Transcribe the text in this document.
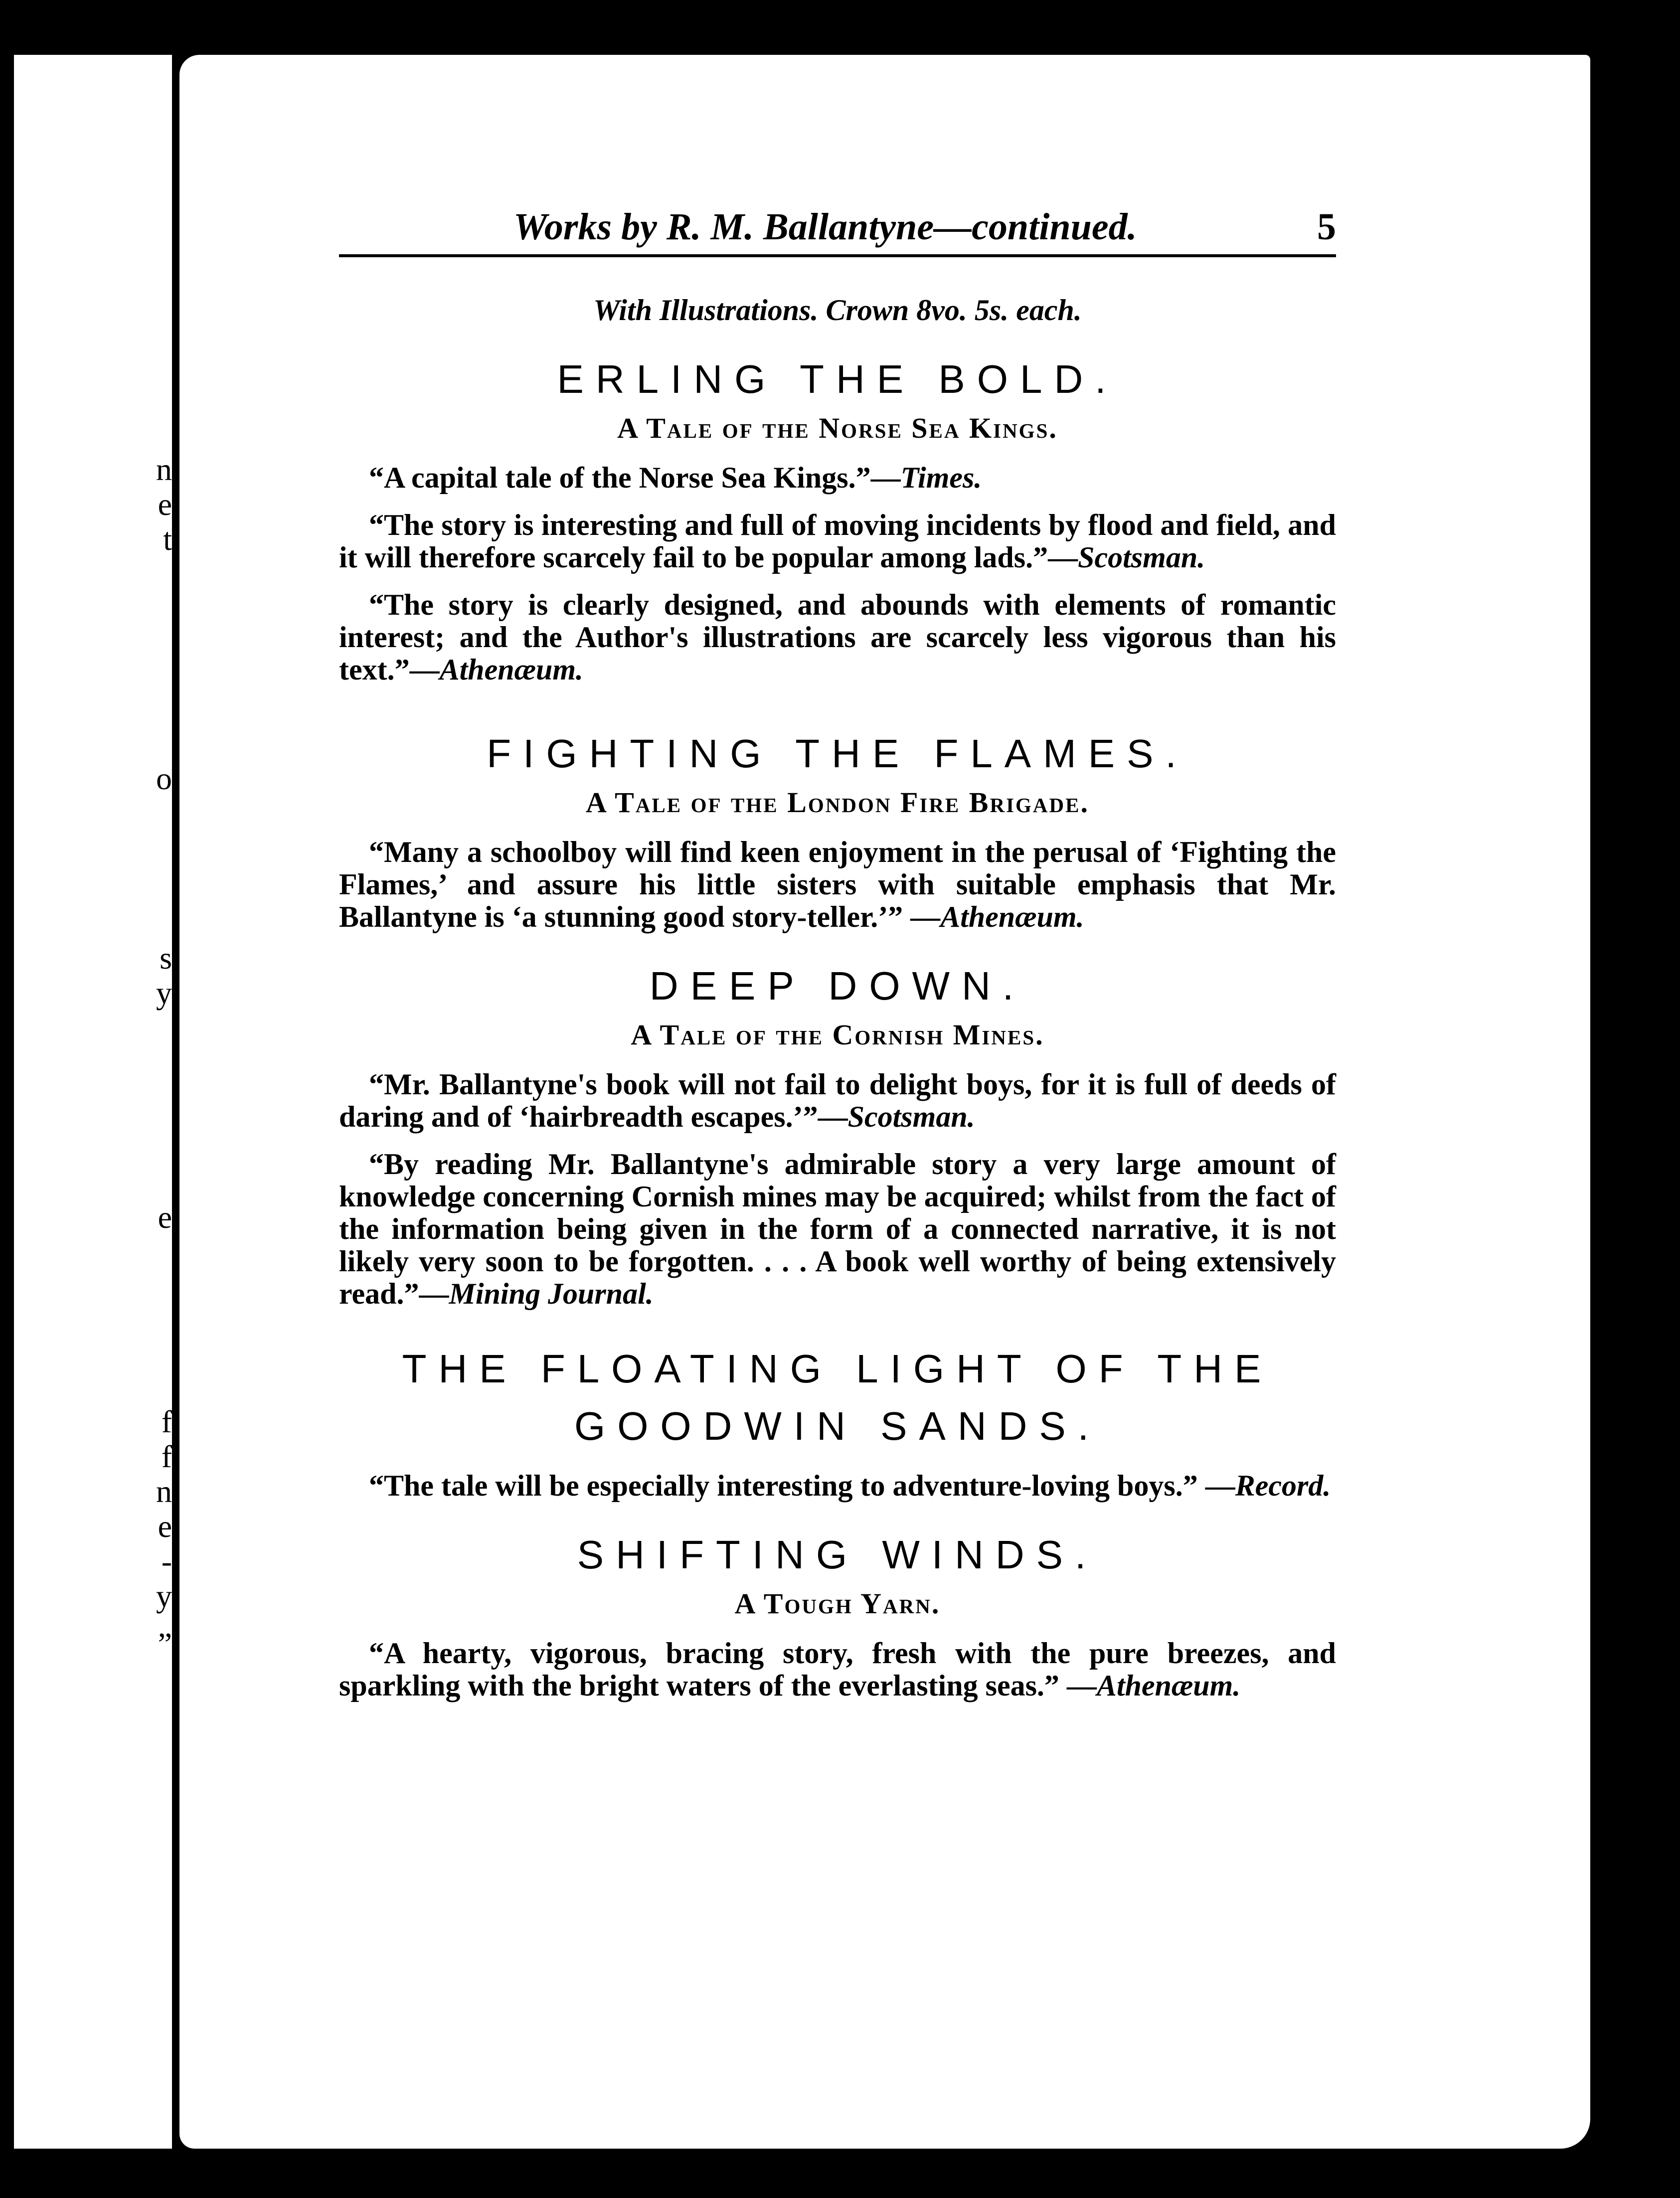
n
e
t
o
s
y
e
f
f
n
e
-
y
„
Works by R. M. Ballantyne—continued.	5
With Illustrations. Crown 8vo. 5s. each.
ERLING THE BOLD.
A Tale of the Norse Sea Kings.

“A capital tale of the Norse Sea Kings.”—Times.

“The story is interesting and full of moving incidents by flood and field, and it will therefore scarcely fail to be popular among lads.”—Scotsman.

“The story is clearly designed, and abounds with elements of romantic interest; and the Author's illustrations are scarcely less vigorous than his text.”—Athenæum.

FIGHTING THE FLAMES.
A Tale of the London Fire Brigade.

“Many a schoolboy will find keen enjoyment in the perusal of ‘Fighting the Flames,’ and assure his little sisters with suitable emphasis that Mr. Ballantyne is ‘a stunning good story-teller.’” —Athenæum.

DEEP DOWN.
A Tale of the Cornish Mines.

“Mr. Ballantyne's book will not fail to delight boys, for it is full of deeds of daring and of ‘hairbreadth escapes.’”—Scotsman.

“By reading Mr. Ballantyne's admirable story a very large amount of knowledge concerning Cornish mines may be acquired; whilst from the fact of the information being given in the form of a connected narrative, it is not likely very soon to be forgotten. . . . A book well worthy of being extensively read.”—Mining Journal.

THE FLOATING LIGHT OF THE GOODWIN SANDS.

“The tale will be especially interesting to adventure-loving boys.” —Record.

SHIFTING WINDS.
A Tough Yarn.

“A hearty, vigorous, bracing story, fresh with the pure breezes, and sparkling with the bright waters of the everlasting seas.” —Athenæum.
